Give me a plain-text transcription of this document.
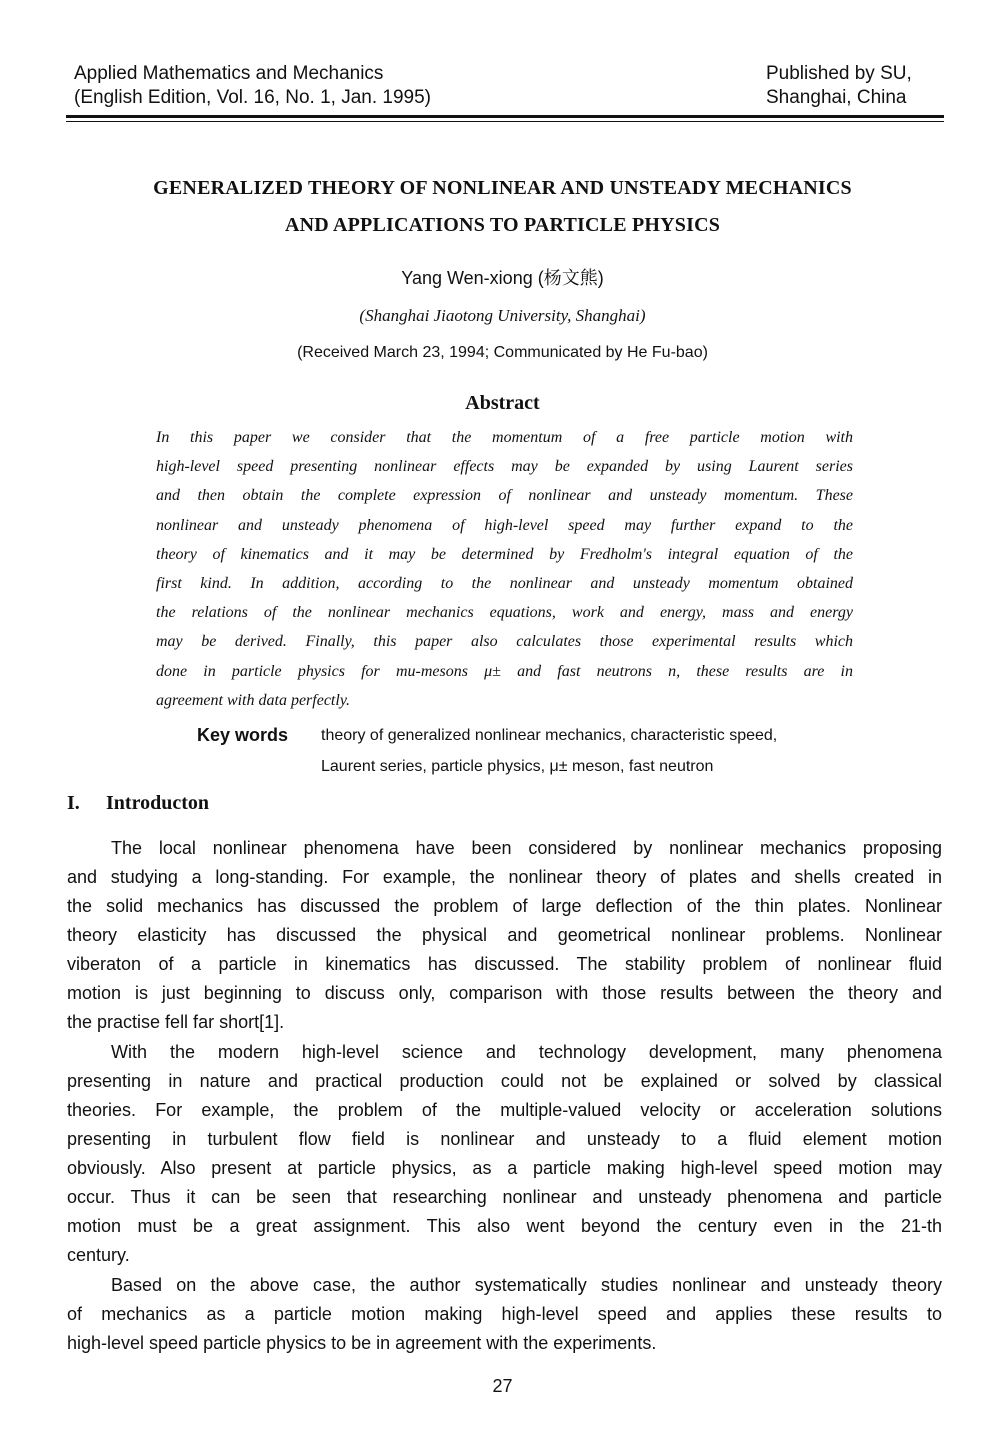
Applied Mathematics and Mechanics
(English Edition, Vol. 16, No. 1, Jan. 1995)
Published by SU,
Shanghai, China
GENERALIZED THEORY OF NONLINEAR AND UNSTEADY MECHANICS
AND APPLICATIONS TO PARTICLE PHYSICS
Yang Wen-xiong (杨文熊)
(Shanghai Jiaotong University, Shanghai)
(Received March 23, 1994; Communicated by He Fu-bao)
Abstract
In this paper we consider that the momentum of a free particle motion with
high-level speed presenting nonlinear effects may be expanded by using Laurent series
and then obtain the complete expression of nonlinear and unsteady momentum. These
nonlinear and unsteady phenomena of high-level speed may further expand to the
theory of kinematics and it may be determined by Fredholm's integral equation of the
first kind. In addition, according to the nonlinear and unsteady momentum obtained
the relations of the nonlinear mechanics equations, work and energy, mass and energy
may be derived. Finally, this paper also calculates those experimental results which
done in particle physics for mu-mesons μ± and fast neutrons n, these results are in
agreement with data perfectly.
Key words theory of generalized nonlinear mechanics, characteristic speed,
Laurent series, particle physics, μ± meson, fast neutron
I. Introducton
The local nonlinear phenomena have been considered by nonlinear mechanics proposing
and studying a long-standing. For example, the nonlinear theory of plates and shells created in
the solid mechanics has discussed the problem of large deflection of the thin plates. Nonlinear
theory elasticity has discussed the physical and geometrical nonlinear problems. Nonlinear
viberaton of a particle in kinematics has discussed. The stability problem of nonlinear fluid
motion is just beginning to discuss only, comparison with those results between the theory and
the practise fell far short[1].
With the modern high-level science and technology development, many phenomena
presenting in nature and practical production could not be explained or solved by classical
theories. For example, the problem of the multiple-valued velocity or acceleration solutions
presenting in turbulent flow field is nonlinear and unsteady to a fluid element motion
obviously. Also present at particle physics, as a particle making high-level speed motion may
occur. Thus it can be seen that researching nonlinear and unsteady phenomena and particle
motion must be a great assignment. This also went beyond the century even in the 21-th
century.
Based on the above case, the author systematically studies nonlinear and unsteady theory
of mechanics as a particle motion making high-level speed and applies these results to
high-level speed particle physics to be in agreement with the experiments.
27
